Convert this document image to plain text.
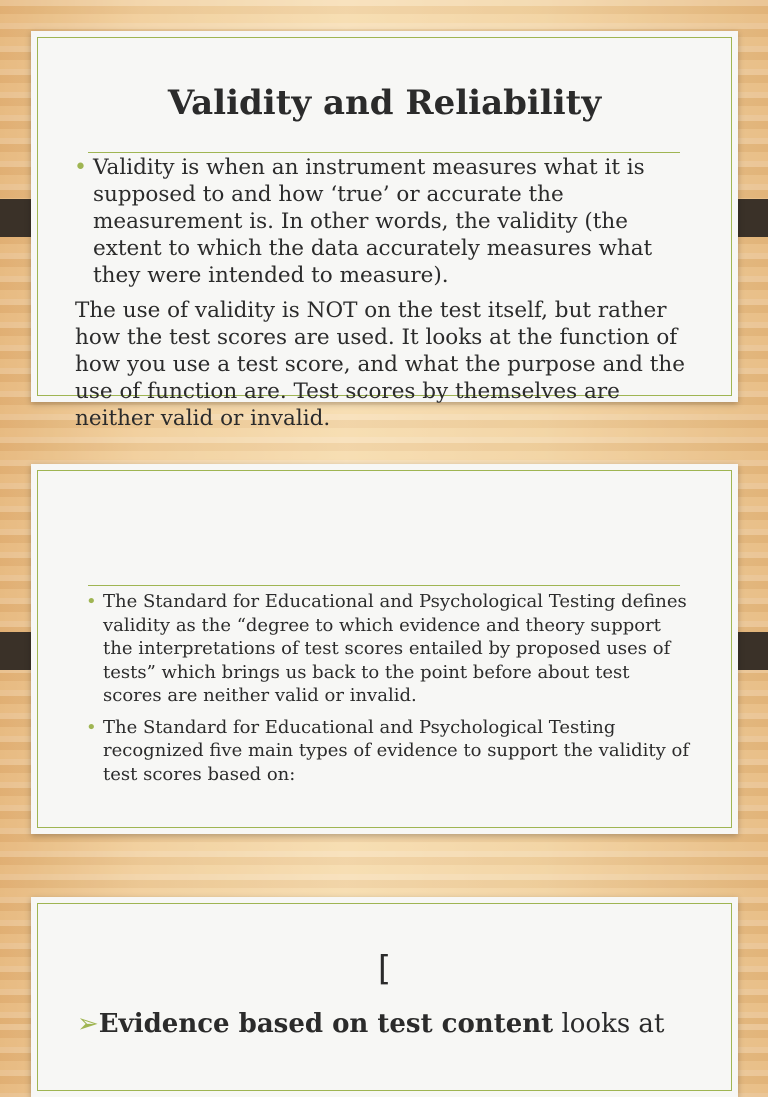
Validity and Reliability
• Validity is when an instrument measures what it is supposed to and how ‘true’ or accurate the measurement is. In other words, the validity (the extent to which the data accurately measures what they were intended to measure).

The use of validity is NOT on the test itself, but rather how the test scores are used. It looks at the function of how you use a test score, and what the purpose and the use of function are. Test scores by themselves are neither valid or invalid.

• The Standard for Educational and Psychological Testing defines validity as the “degree to which evidence and theory support the interpretations of test scores entailed by proposed uses of tests” which brings us back to the point before about test scores are neither valid or invalid.
• The Standard for Educational and Psychological Testing recognized five main types of evidence to support the validity of test scores based on:
[

➢Evidence based on test content looks at
